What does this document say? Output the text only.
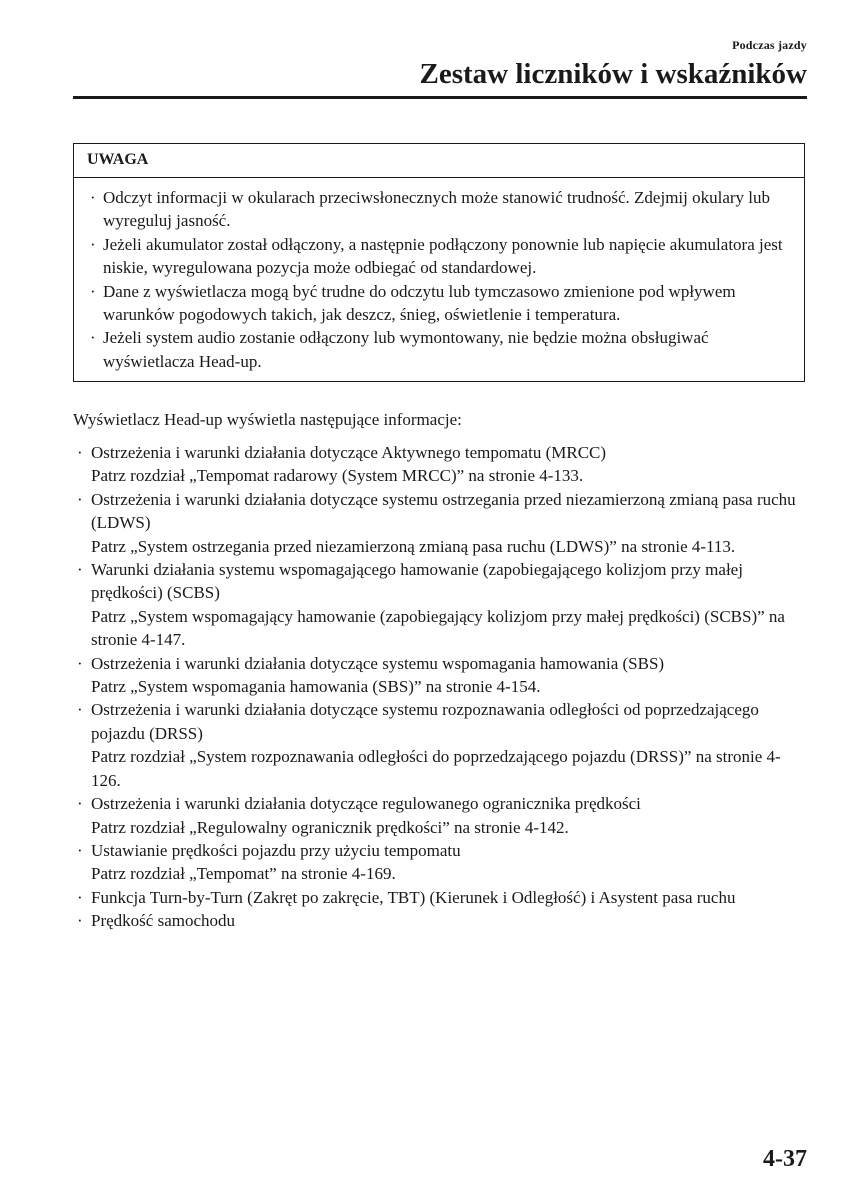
Podczas jazdy
Zestaw liczników i wskaźników
UWAGA
· Odczyt informacji w okularach przeciwsłonecznych może stanowić trudność. Zdejmij okulary lub wyreguluj jasność.
· Jeżeli akumulator został odłączony, a następnie podłączony ponownie lub napięcie akumulatora jest niskie, wyregulowana pozycja może odbiegać od standardowej.
· Dane z wyświetlacza mogą być trudne do odczytu lub tymczasowo zmienione pod wpływem warunków pogodowych takich, jak deszcz, śnieg, oświetlenie i temperatura.
· Jeżeli system audio zostanie odłączony lub wymontowany, nie będzie można obsługiwać wyświetlacza Head-up.

Wyświetlacz Head-up wyświetla następujące informacje:

· Ostrzeżenia i warunki działania dotyczące Aktywnego tempomatu (MRCC)
Patrz rozdział „Tempomat radarowy (System MRCC)” na stronie 4-133.
· Ostrzeżenia i warunki działania dotyczące systemu ostrzegania przed niezamierzoną zmianą pasa ruchu (LDWS)
Patrz „System ostrzegania przed niezamierzoną zmianą pasa ruchu (LDWS)” na stronie 4-113.
· Warunki działania systemu wspomagającego hamowanie (zapobiegającego kolizjom przy małej prędkości) (SCBS)
Patrz „System wspomagający hamowanie (zapobiegający kolizjom przy małej prędkości) (SCBS)” na stronie 4-147.
· Ostrzeżenia i warunki działania dotyczące systemu wspomagania hamowania (SBS)
Patrz „System wspomagania hamowania (SBS)” na stronie 4-154.
· Ostrzeżenia i warunki działania dotyczące systemu rozpoznawania odległości od poprzedzającego pojazdu (DRSS)
Patrz rozdział „System rozpoznawania odległości do poprzedzającego pojazdu (DRSS)” na stronie 4-126.
· Ostrzeżenia i warunki działania dotyczące regulowanego ogranicznika prędkości
Patrz rozdział „Regulowalny ogranicznik prędkości” na stronie 4-142.
· Ustawianie prędkości pojazdu przy użyciu tempomatu
Patrz rozdział „Tempomat” na stronie 4-169.
· Funkcja Turn-by-Turn (Zakręt po zakręcie, TBT) (Kierunek i Odległość) i Asystent pasa ruchu
· Prędkość samochodu
4-37
